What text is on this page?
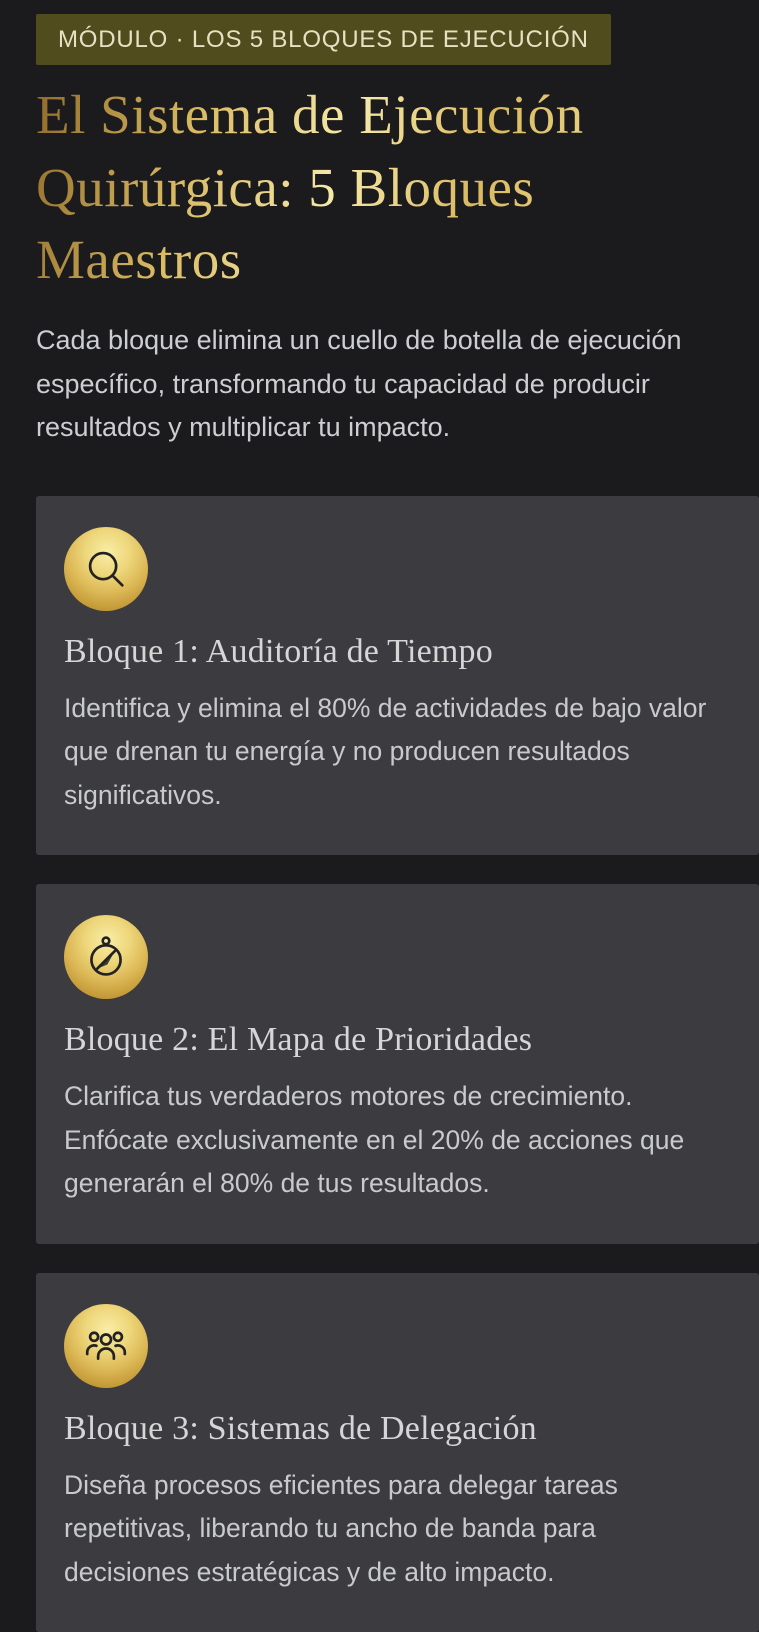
MÓDULO · LOS 5 BLOQUES DE EJECUCIÓN
El Sistema de Ejecución Quirúrgica: 5 Bloques Maestros

Cada bloque elimina un cuello de botella de ejecución específico, transformando tu capacidad de producir resultados y multiplicar tu impacto.

Bloque 1: Auditoría de Tiempo

Identifica y elimina el 80% de actividades de bajo valor que drenan tu energía y no producen resultados significativos.

Bloque 2: El Mapa de Prioridades

Clarifica tus verdaderos motores de crecimiento. Enfócate exclusivamente en el 20% de acciones que generarán el 80% de tus resultados.

Bloque 3: Sistemas de Delegación

Diseña procesos eficientes para delegar tareas repetitivas, liberando tu ancho de banda para decisiones estratégicas y de alto impacto.
